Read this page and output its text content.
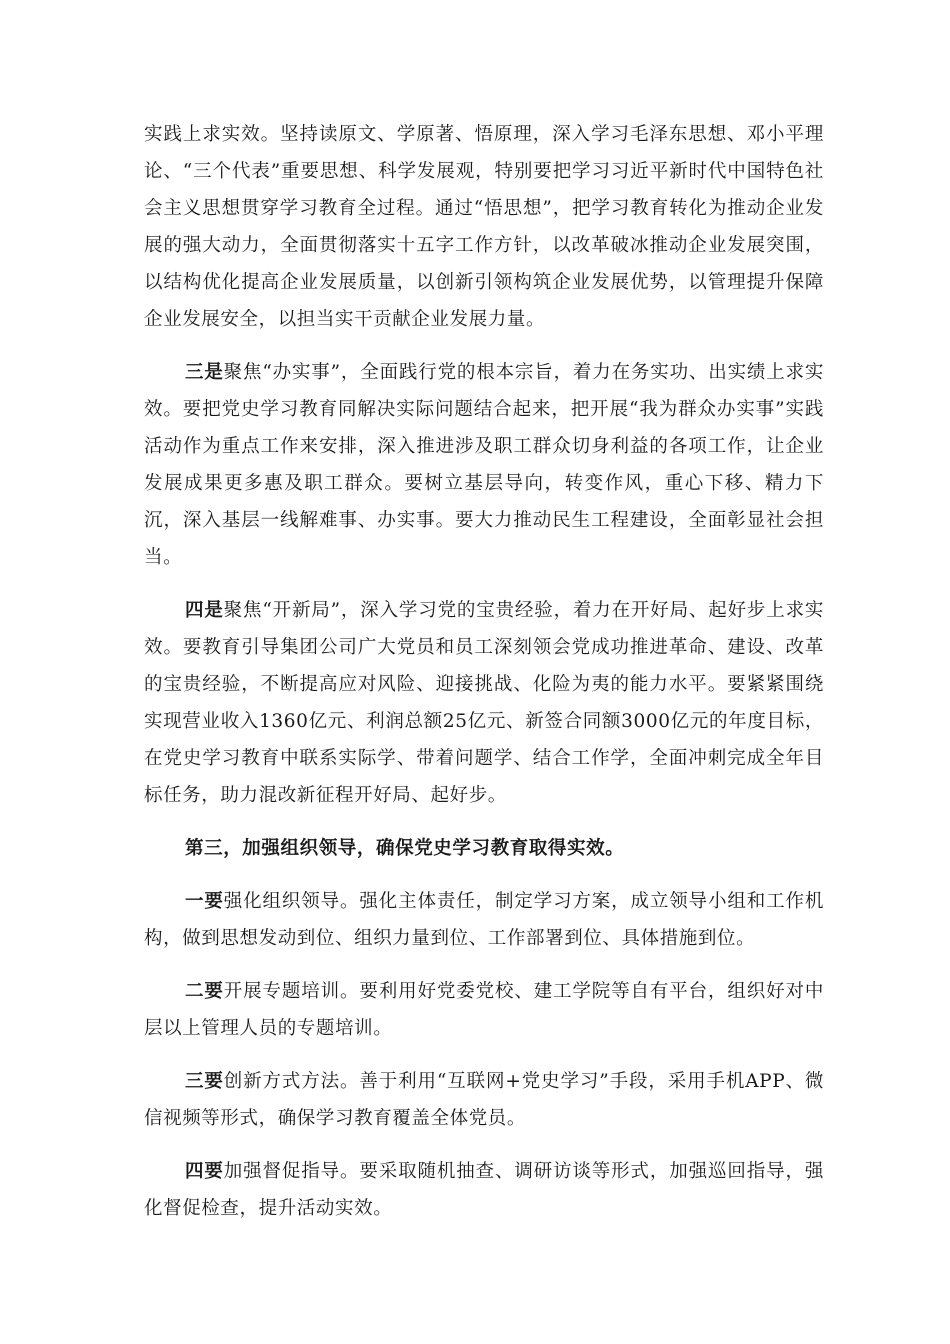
实践上求实效。坚持读原文、学原著、悟原理，深入学习毛泽东思想、邓小平理论、“三个代表”重要思想、科学发展观，特别要把学习习近平新时代中国特色社会主义思想贯穿学习教育全过程。通过“悟思想”，把学习教育转化为推动企业发展的强大动力，全面贯彻落实十五字工作方针，以改革破冰推动企业发展突围，以结构优化提高企业发展质量，以创新引领构筑企业发展优势，以管理提升保障企业发展安全，以担当实干贡献企业发展力量。

三是聚焦“办实事”，全面践行党的根本宗旨，着力在务实功、出实绩上求实效。要把党史学习教育同解决实际问题结合起来，把开展“我为群众办实事”实践活动作为重点工作来安排，深入推进涉及职工群众切身利益的各项工作，让企业发展成果更多惠及职工群众。要树立基层导向，转变作风，重心下移、精力下沉，深入基层一线解难事、办实事。要大力推动民生工程建设，全面彰显社会担当。

四是聚焦“开新局”，深入学习党的宝贵经验，着力在开好局、起好步上求实效。要教育引导集团公司广大党员和员工深刻领会党成功推进革命、建设、改革的宝贵经验，不断提高应对风险、迎接挑战、化险为夷的能力水平。要紧紧围绕实现营业收入1360亿元、利润总额25亿元、新签合同额3000亿元的年度目标，在党史学习教育中联系实际学、带着问题学、结合工作学，全面冲刺完成全年目标任务，助力混改新征程开好局、起好步。

第三，加强组织领导，确保党史学习教育取得实效。

一要强化组织领导。强化主体责任，制定学习方案，成立领导小组和工作机构，做到思想发动到位、组织力量到位、工作部署到位、具体措施到位。

二要开展专题培训。要利用好党委党校、建工学院等自有平台，组织好对中层以上管理人员的专题培训。

三要创新方式方法。善于利用“互联网+党史学习”手段，采用手机APP、微信视频等形式，确保学习教育覆盖全体党员。

四要加强督促指导。要采取随机抽查、调研访谈等形式，加强巡回指导，强化督促检查，提升活动实效。
